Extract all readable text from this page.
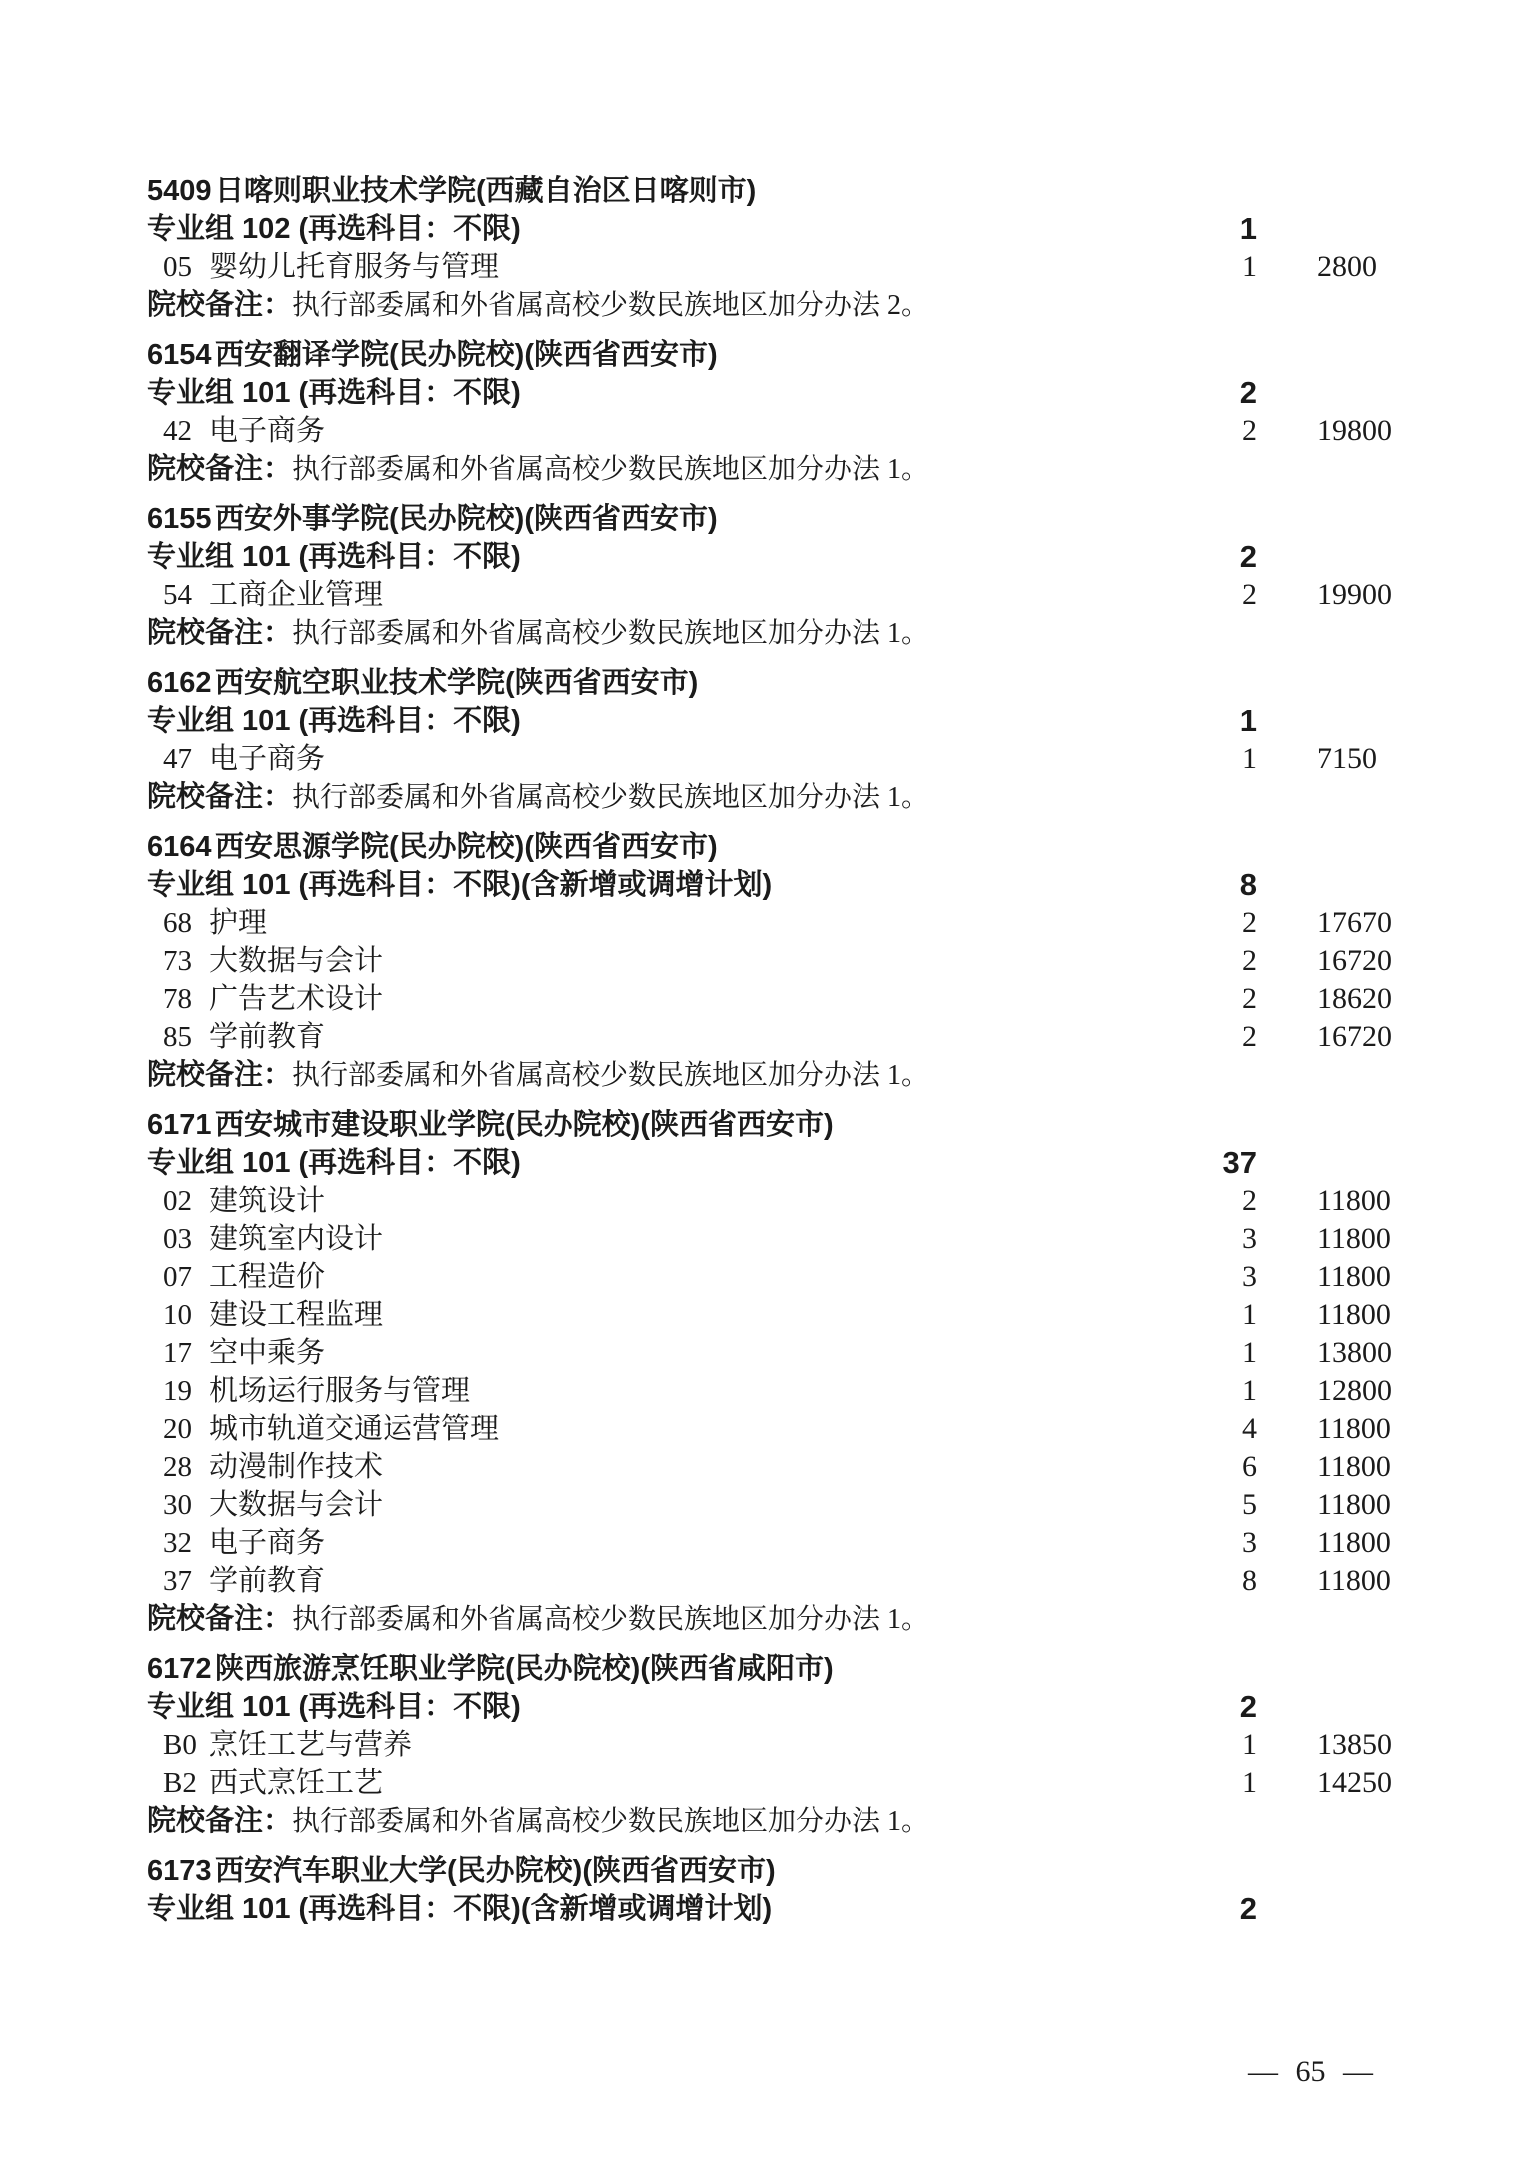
5409 日喀则职业技术学院(西藏自治区日喀则市)
专业组 102 (再选科目：不限)	1
05 婴幼儿托育服务与管理	1 2800
院校备注：执行部委属和外省属高校少数民族地区加分办法 2。
6154 西安翻译学院(民办院校)(陕西省西安市)
专业组 101 (再选科目：不限)	2
42 电子商务	2 19800
院校备注：执行部委属和外省属高校少数民族地区加分办法 1。
6155 西安外事学院(民办院校)(陕西省西安市)
专业组 101 (再选科目：不限)	2
54 工商企业管理	2 19900
院校备注：执行部委属和外省属高校少数民族地区加分办法 1。
6162 西安航空职业技术学院(陕西省西安市)
专业组 101 (再选科目：不限)	1
47 电子商务	1 7150
院校备注：执行部委属和外省属高校少数民族地区加分办法 1。
6164 西安思源学院(民办院校)(陕西省西安市)
专业组 101 (再选科目：不限)(含新增或调增计划)	8
68 护理	2 17670
73 大数据与会计	2 16720
78 广告艺术设计	2 18620
85 学前教育	2 16720
院校备注：执行部委属和外省属高校少数民族地区加分办法 1。
6171 西安城市建设职业学院(民办院校)(陕西省西安市)
专业组 101 (再选科目：不限)	37
02 建筑设计	2 11800
03 建筑室内设计	3 11800
07 工程造价	3 11800
10 建设工程监理	1 11800
17 空中乘务	1 13800
19 机场运行服务与管理	1 12800
20 城市轨道交通运营管理	4 11800
28 动漫制作技术	6 11800
30 大数据与会计	5 11800
32 电子商务	3 11800
37 学前教育	8 11800
院校备注：执行部委属和外省属高校少数民族地区加分办法 1。
6172 陕西旅游烹饪职业学院(民办院校)(陕西省咸阳市)
专业组 101 (再选科目：不限)	2
B0 烹饪工艺与营养	1 13850
B2 西式烹饪工艺	1 14250
院校备注：执行部委属和外省属高校少数民族地区加分办法 1。
6173 西安汽车职业大学(民办院校)(陕西省西安市)
专业组 101 (再选科目：不限)(含新增或调增计划)	2
— 65 —
